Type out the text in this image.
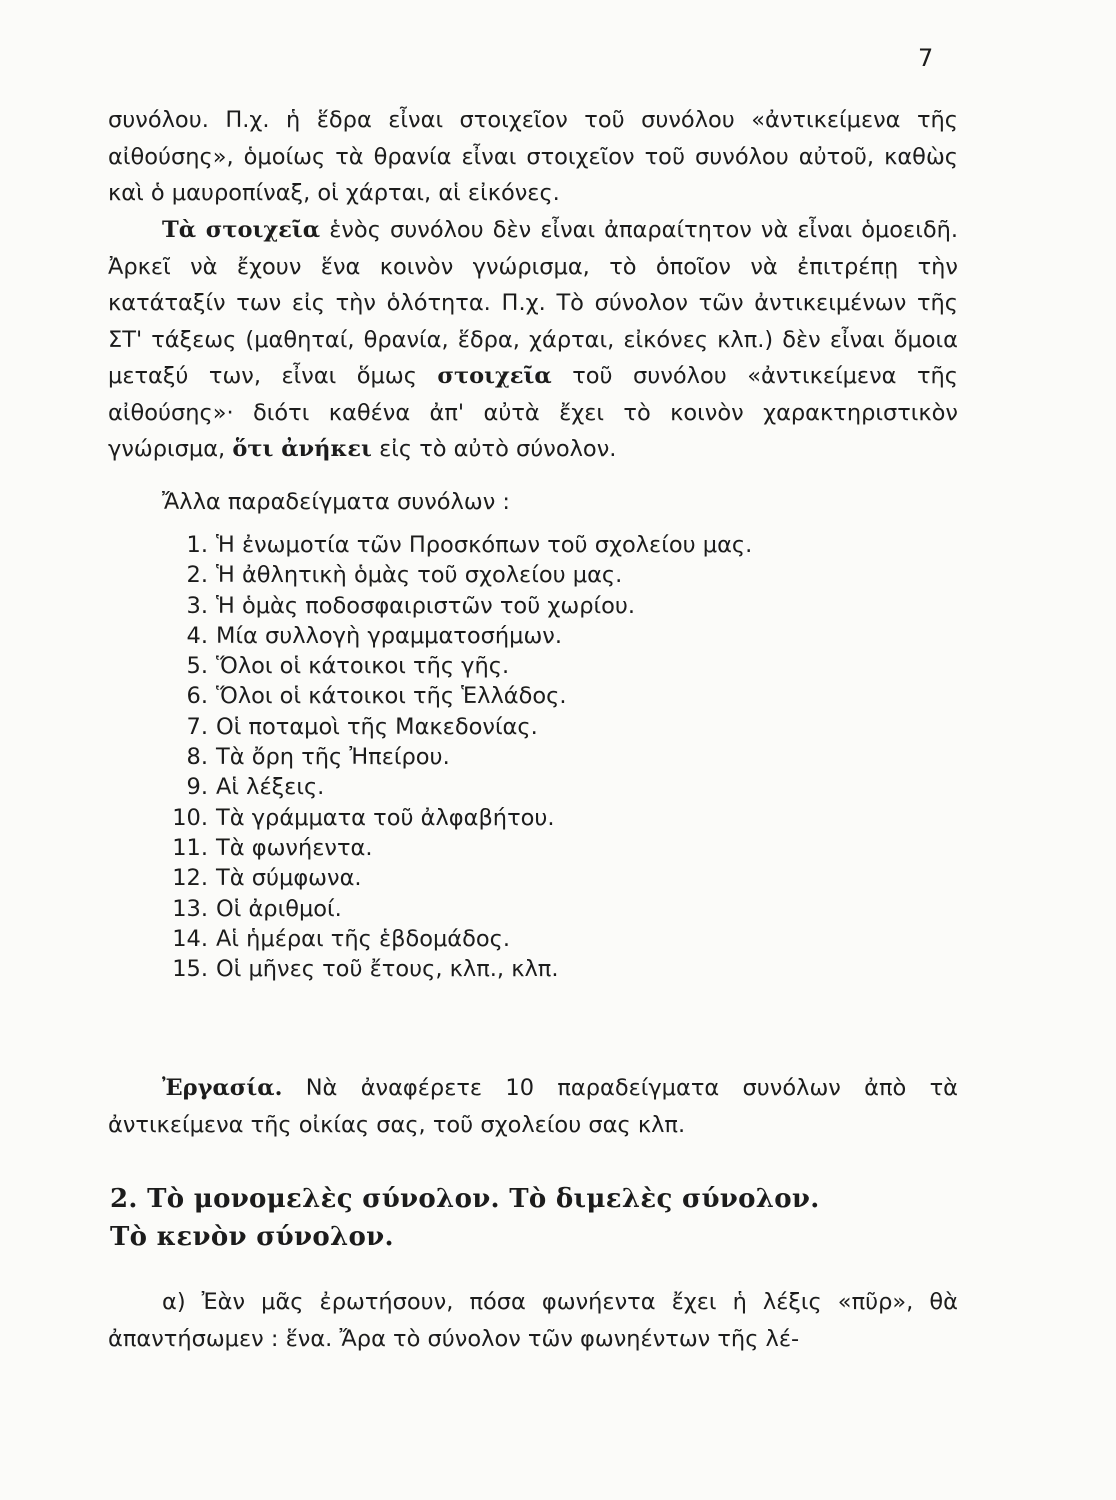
7
συνόλου. Π.χ. ἡ ἕδρα εἶναι στοιχεῖον τοῦ συνόλου «ἀντικείμενα τῆς αἰθούσης», ὁμοίως τὰ θρανία εἶναι στοιχεῖον τοῦ συνόλου αὐτοῦ, καθὼς καὶ ὁ μαυροπίναξ, οἱ χάρται, αἱ εἰκόνες.
Τὰ στοιχεῖα ἑνὸς συνόλου δὲν εἶναι ἀπαραίτητον νὰ εἶναι ὁμοειδῆ. Ἀρκεῖ νὰ ἔχουν ἕνα κοινὸν γνώρισμα, τὸ ὁποῖον νὰ ἐπιτρέπῃ τὴν κατάταξίν των εἰς τὴν ὁλότητα. Π.χ. Τὸ σύνολον τῶν ἀντικειμένων τῆς ΣΤ' τάξεως (μαθηταί, θρανία, ἕδρα, χάρται, εἰκόνες κλπ.) δὲν εἶναι ὅμοια μεταξύ των, εἶναι ὅμως στοιχεῖα τοῦ συνόλου «ἀντικείμενα τῆς αἰθούσης»· διότι καθένα ἀπ' αὐτὰ ἔχει τὸ κοινὸν χαρακτηριστικὸν γνώρισμα, ὅτι ἀνήκει εἰς τὸ αὐτὸ σύνολον.
Ἄλλα παραδείγματα συνόλων :
1. Ἡ ἐνωμοτία τῶν Προσκόπων τοῦ σχολείου μας.
2. Ἡ ἀθλητικὴ ὁμὰς τοῦ σχολείου μας.
3. Ἡ ὁμὰς ποδοσφαιριστῶν τοῦ χωρίου.
4. Μία συλλογὴ γραμματοσήμων.
5. Ὅλοι οἱ κάτοικοι τῆς γῆς.
6. Ὅλοι οἱ κάτοικοι τῆς Ἑλλάδος.
7. Οἱ ποταμοὶ τῆς Μακεδονίας.
8. Τὰ ὄρη τῆς Ἠπείρου.
9. Αἱ λέξεις.
10. Τὰ γράμματα τοῦ ἀλφαβήτου.
11. Τὰ φωνήεντα.
12. Τὰ σύμφωνα.
13. Οἱ ἀριθμοί.
14. Αἱ ἡμέραι τῆς ἑβδομάδος.
15. Οἱ μῆνες τοῦ ἔτους, κλπ., κλπ.
Ἐργασία. Νὰ ἀναφέρετε 10 παραδείγματα συνόλων ἀπὸ τὰ ἀντικείμενα τῆς οἰκίας σας, τοῦ σχολείου σας κλπ.
2. Τὸ μονομελὲς σύνολον. Τὸ διμελὲς σύνολον.
Τὸ κενὸν σύνολον.
α) Ἐὰν μᾶς ἐρωτήσουν, πόσα φωνήεντα ἔχει ἡ λέξις «πῦρ», θὰ ἀπαντήσωμεν : ἕνα. Ἄρα τὸ σύνολον τῶν φωνηέντων τῆς λέ-
